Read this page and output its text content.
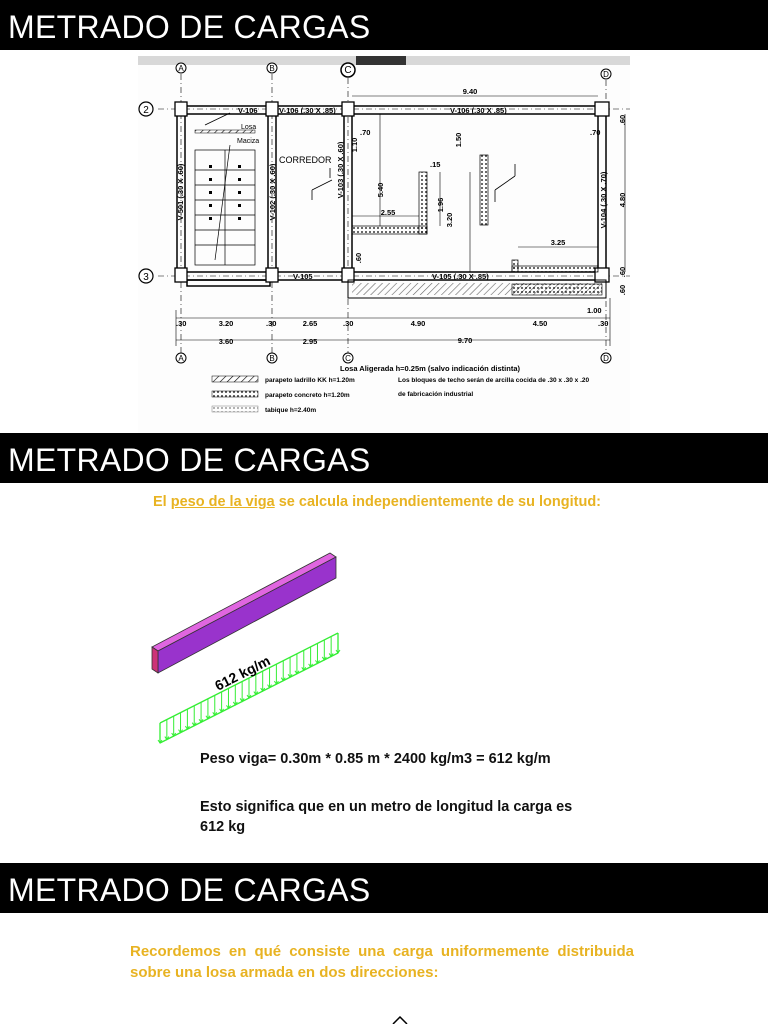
METRADO DE CARGAS
A	B	C	D
2
3
V-106	V-106 (.30 X .85)	V-106 (.30 X .85)
V-105	V-105 (.30 X .85)
V-501 (.30 X .60)	V-102 (.30 X .60)	V-103 (.30 X .60)
V-104 (.30 X .70)
Losa
Maciza
CORREDOR
9.40
9.70
5.40
4.80
2.55
1.96
3.20
3.25
1.50
1.10
.15
.70	.70
.60
.60
.60
.60
1.00
.30	.30	.30	.30
3.20	2.65	4.90	4.50
3.60	2.95
A	B	C	D
Losa Aligerada h=0.25m (salvo indicación distinta)
parapeto ladrillo KK h=1.20m
parapeto concreto h=1.20m
tabique h=2.40m
Los bloques de techo serán de arcilla cocida de .30 x .30 x .20
de fabricación industrial
METRADO DE CARGAS
El peso de la viga se calcula independientemente de su longitud:
612 kg/m
Peso viga= 0.30m * 0.85 m * 2400 kg/m3 = 612 kg/m
Esto significa que en un metro de longitud la carga es 612 kg
METRADO DE CARGAS
Recordemos en qué consiste una carga uniformemente distribuida sobre una losa armada en dos direcciones:
